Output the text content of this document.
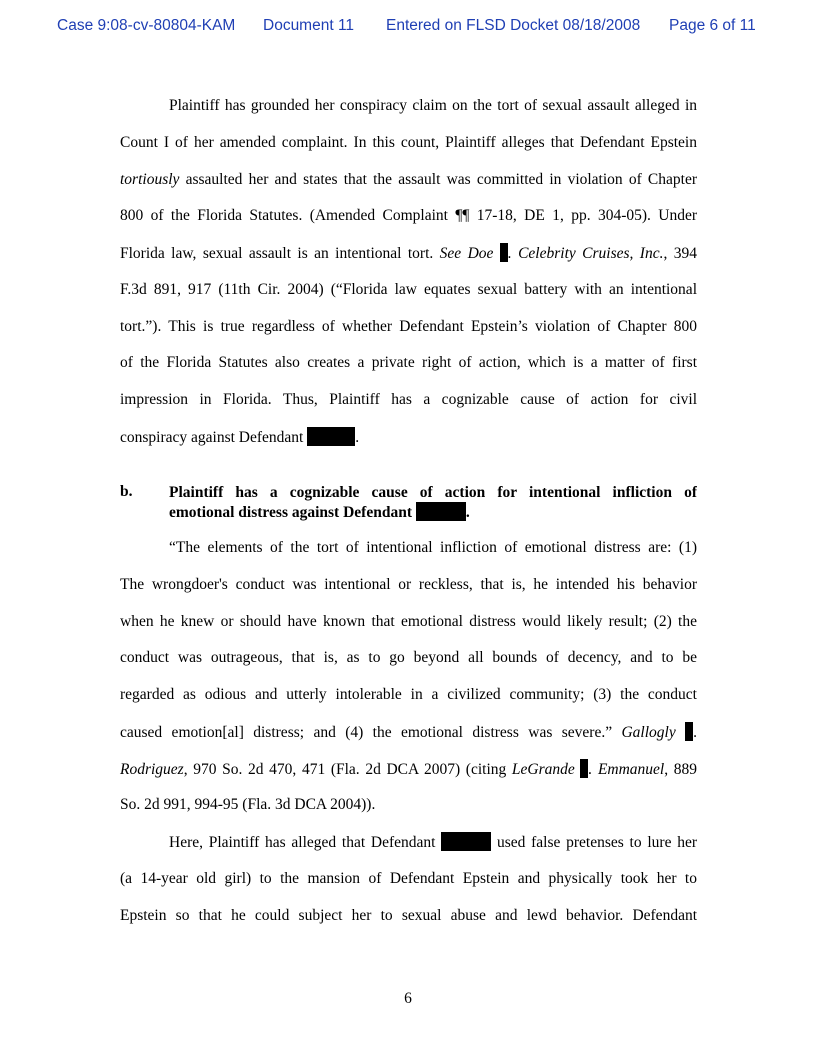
Case 9:08-cv-80804-KAM Document 11 Entered on FLSD Docket 08/18/2008 Page 6 of 11
Plaintiff has grounded her conspiracy claim on the tort of sexual assault alleged in
Count I of her amended complaint. In this count, Plaintiff alleges that Defendant Epstein
tortiously assaulted her and states that the assault was committed in violation of Chapter
800 of the Florida Statutes. (Amended Complaint ¶¶ 17-18, DE 1, pp. 304-05). Under
Florida law, sexual assault is an intentional tort. See Doe . Celebrity Cruises, Inc., 394
F.3d 891, 917 (11th Cir. 2004) (“Florida law equates sexual battery with an intentional
tort.”). This is true regardless of whether Defendant Epstein’s violation of Chapter 800
of the Florida Statutes also creates a private right of action, which is a matter of first
impression in Florida. Thus, Plaintiff has a cognizable cause of action for civil
conspiracy against Defendant	.
b. Plaintiff has a cognizable cause of action for intentional infliction of
emotional distress against Defendant	.
“The elements of the tort of intentional infliction of emotional distress are: (1)
The wrongdoer's conduct was intentional or reckless, that is, he intended his behavior
when he knew or should have known that emotional distress would likely result; (2) the
conduct was outrageous, that is, as to go beyond all bounds of decency, and to be
regarded as odious and utterly intolerable in a civilized community; (3) the conduct
caused emotion[al] distress; and (4) the emotional distress was severe.” Gallogly .
Rodriguez, 970 So. 2d 470, 471 (Fla. 2d DCA 2007) (citing LeGrande . Emmanuel, 889
So. 2d 991, 994-95 (Fla. 3d DCA 2004)).
Here, Plaintiff has alleged that Defendant	used false pretenses to lure her
(a 14-year old girl) to the mansion of Defendant Epstein and physically took her to
Epstein so that he could subject her to sexual abuse and lewd behavior. Defendant
6
